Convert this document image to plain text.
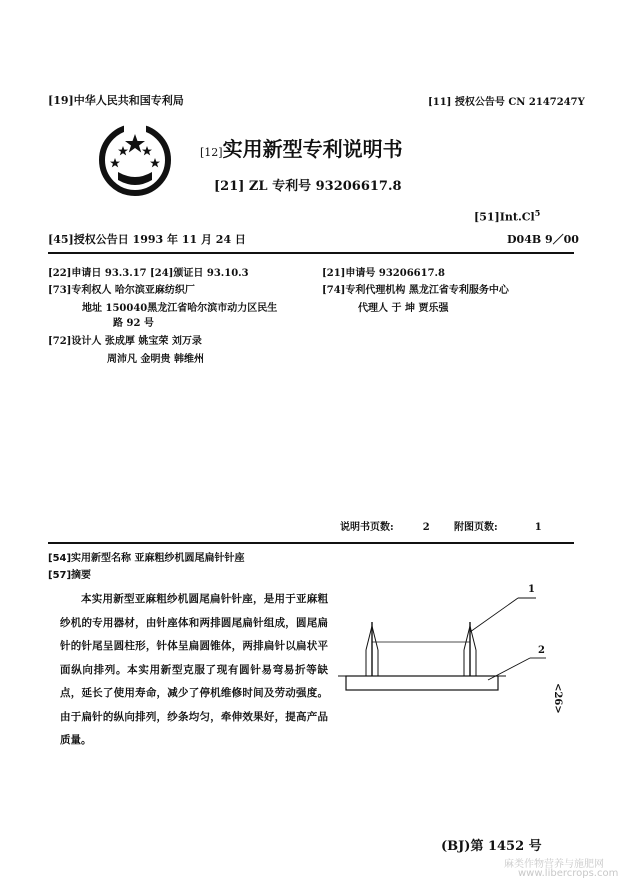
[19]中华人民共和国专利局	[11] 授权公告号 CN 2147247Y
[12]实用新型专利说明书
[21] ZL 专利号 93206617.8
[51]Int.Cl$^5$
[45]授权公告日 1993 年 11 月 24 日	D04B 9／00
[22]申请日 93.3.17 [24]颁证日 93.10.3	[21]申请号 93206617.8
[73]专利权人 哈尔滨亚麻纺织厂	[74]专利代理机构 黑龙江省专利服务中心
地址 150040黑龙江省哈尔滨市动力区民生	代理人 于 坤 贾乐强
路 92 号
[72]设计人 张成厚 姚宝荣 刘万录
周沛凡 金明贵 韩维州
说明书页数:	2 附图页数:	1
[54]实用新型名称 亚麻粗纱机圆尾扁针针座
[57]摘要
本实用新型亚麻粗纱机圆尾扁针针座，是用于亚麻粗纱机的专用器材，由针座体和两排圆尾扁针组成，圆尾扁针的针尾呈圆柱形，针体呈扁圆锥体，两排扁针以扁状平面纵向排列。本实用新型克服了现有圆针易弯易折等缺点，延长了使用寿命，减少了停机维修时间及劳动强度。由于扁针的纵向排列，纱条均匀，牵伸效果好，提高产品质量。
1
2
<26>
(BJ)第 1452 号
麻类作物营养与施肥网
www.libercrops.com
